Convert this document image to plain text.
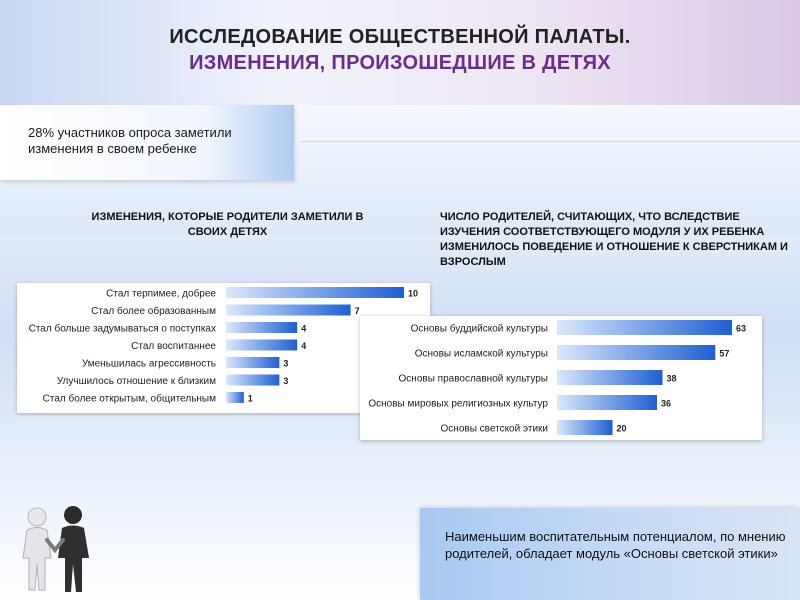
ИССЛЕДОВАНИЕ ОБЩЕСТВЕННОЙ ПАЛАТЫ.
ИЗМЕНЕНИЯ, ПРОИЗОШЕДШИЕ В ДЕТЯХ
28% участников опроса заметили изменения в своем ребенке
ИЗМЕНЕНИЯ, КОТОРЫЕ РОДИТЕЛИ ЗАМЕТИЛИ В СВОИХ ДЕТЯХ
ЧИСЛО РОДИТЕЛЕЙ, СЧИТАЮЩИХ, ЧТО ВСЛЕДСТВИЕ ИЗУЧЕНИЯ СООТВЕТСТВУЮЩЕГО МОДУЛЯ У ИХ РЕБЕНКА ИЗМЕНИЛОСЬ ПОВЕДЕНИЕ И ОТНОШЕНИЕ К СВЕРСТНИКАМ И ВЗРОСЛЫМ
Стал терпимее, добрее	10
Стал более образованным	7
Стал больше задумываться о поступках	4
Стал воспитаннее	4
Уменьшилась агрессивность	3
Улучшилось отношение к близким	3
Стал более открытым, общительным	1
Основы буддийской культуры	63
Основы исламской культуры	57
Основы православной культуры	38
Основы мировых религиозных культур	36
Основы светской этики	20
Наименьшим воспитательным потенциалом, по мнению родителей, обладает модуль «Основы светской этики»
